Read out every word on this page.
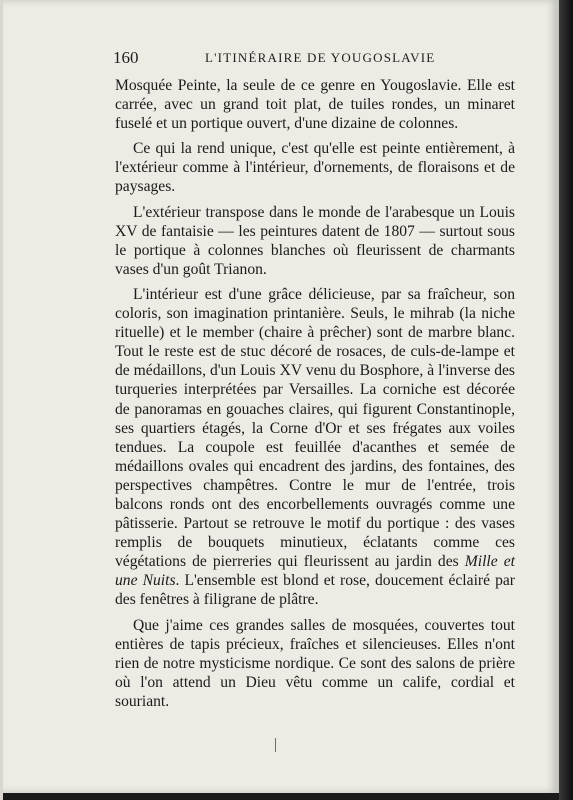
160	L'ITINÉRAIRE DE YOUGOSLAVIE

Mosquée Peinte, la seule de ce genre en Yougoslavie. Elle est carrée, avec un grand toit plat, de tuiles rondes, un minaret fuselé et un portique ouvert, d'une dizaine de colonnes.

Ce qui la rend unique, c'est qu'elle est peinte entièrement, à l'extérieur comme à l'intérieur, d'ornements, de floraisons et de paysages.

L'extérieur transpose dans le monde de l'arabesque un Louis XV de fantaisie — les peintures datent de 1807 — surtout sous le portique à colonnes blanches où fleurissent de charmants vases d'un goût Trianon.

L'intérieur est d'une grâce délicieuse, par sa fraîcheur, son coloris, son imagination printanière. Seuls, le mihrab (la niche rituelle) et le member (chaire à prêcher) sont de marbre blanc. Tout le reste est de stuc décoré de rosaces, de culs-de-lampe et de médaillons, d'un Louis XV venu du Bosphore, à l'inverse des turqueries interprétées par Versailles. La corniche est décorée de panoramas en gouaches claires, qui figurent Constantinople, ses quartiers étagés, la Corne d'Or et ses frégates aux voiles tendues. La coupole est feuillée d'acanthes et semée de médaillons ovales qui encadrent des jardins, des fontaines, des perspectives champêtres. Contre le mur de l'entrée, trois balcons ronds ont des encorbellements ouvragés comme une pâtisserie. Partout se retrouve le motif du portique : des vases remplis de bouquets minutieux, éclatants comme ces végétations de pierreries qui fleurissent au jardin des Mille et une Nuits. L'ensemble est blond et rose, doucement éclairé par des fenêtres à filigrane de plâtre.

Que j'aime ces grandes salles de mosquées, couvertes tout entières de tapis précieux, fraîches et silencieuses. Elles n'ont rien de notre mysticisme nordique. Ce sont des salons de prière où l'on attend un Dieu vêtu comme un calife, cordial et souriant.
